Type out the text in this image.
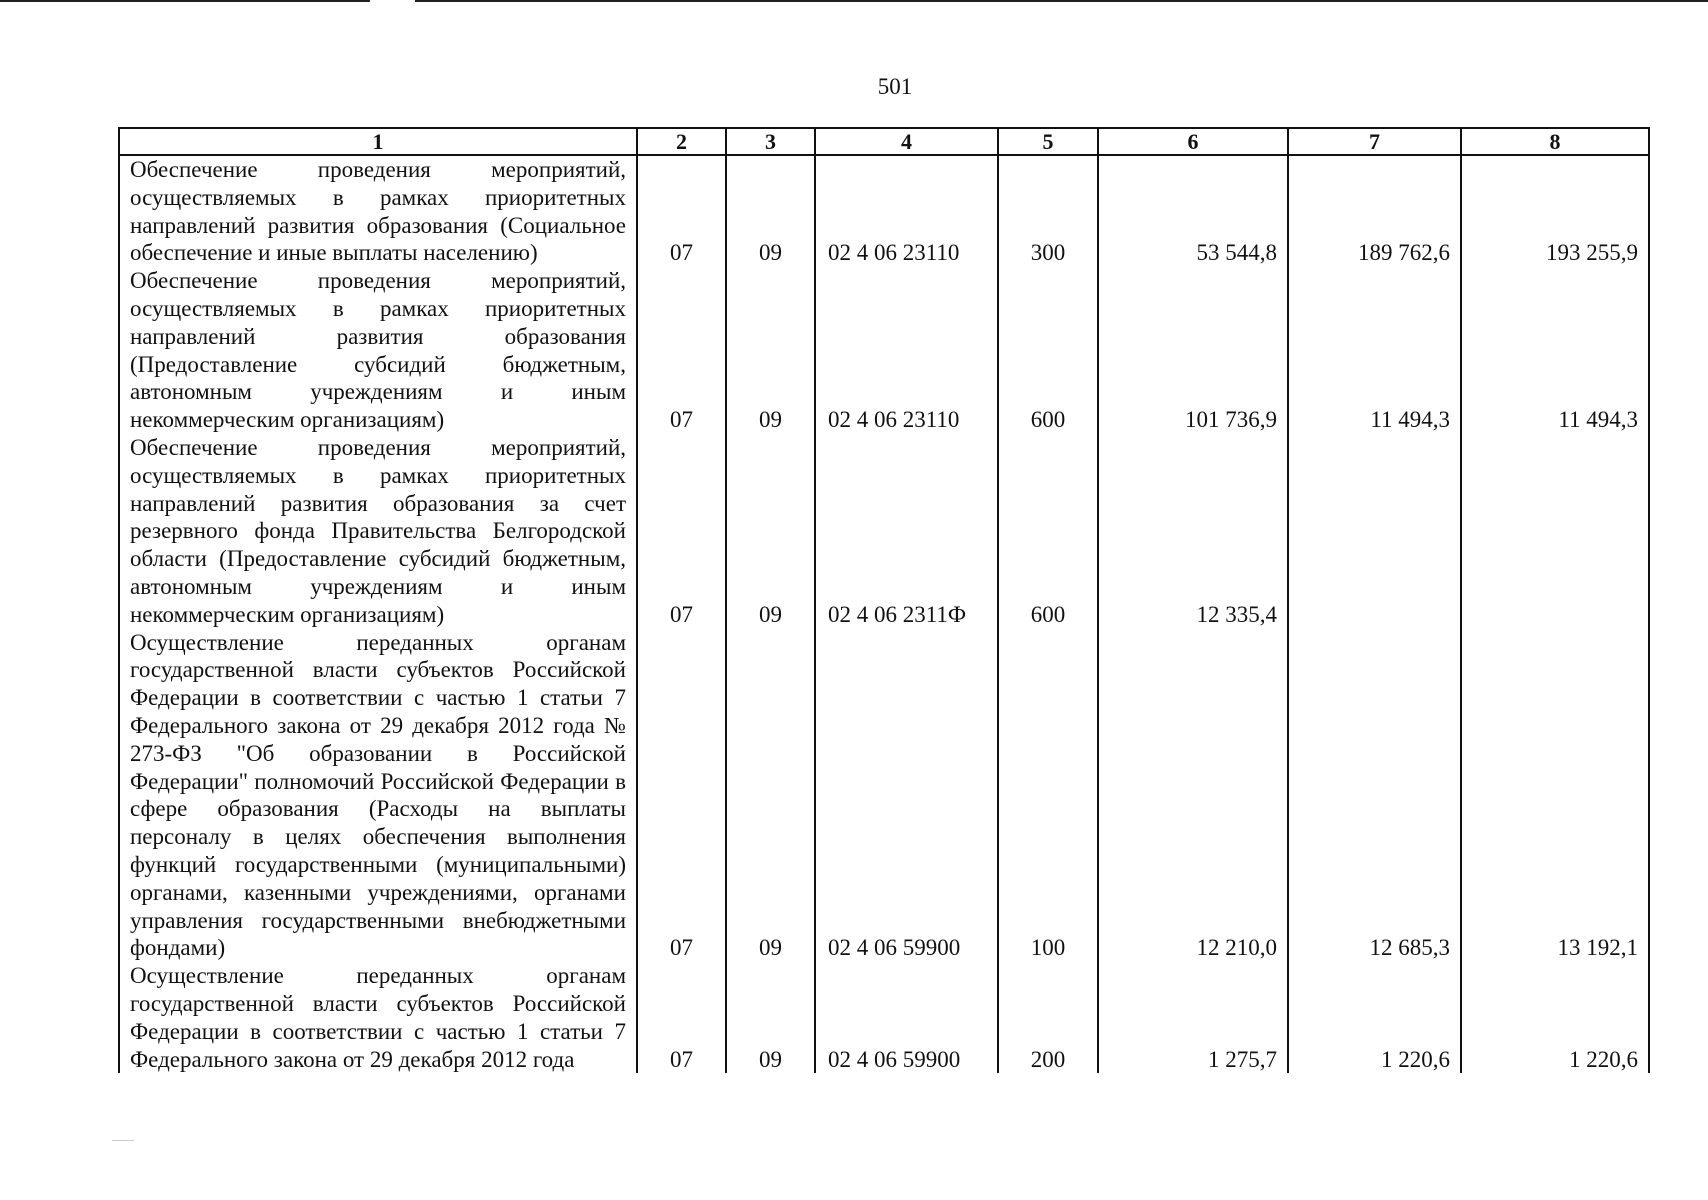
501
1	2	3	4	5	6	7	8
Обеспечение проведения мероприятий, осуществляемых в рамках приоритетных направлений развития образования (Социальное обеспечение и иные выплаты населению)	07	09	02 4 06 23110	300	53 544,8	189 762,6	193 255,9
Обеспечение проведения мероприятий, осуществляемых в рамках приоритетных направлений развития образования (Предоставление субсидий бюджетным, автономным учреждениям и иным некоммерческим организациям)	07	09	02 4 06 23110	600	101 736,9	11 494,3	11 494,3
Обеспечение проведения мероприятий, осуществляемых в рамках приоритетных направлений развития образования за счет резервного фонда Правительства Белгородской области (Предоставление субсидий бюджетным, автономным учреждениям и иным некоммерческим организациям)	07	09	02 4 06 2311Ф	600	12 335,4		
Осуществление переданных органам государственной власти субъектов Российской Федерации в соответствии с частью 1 статьи 7 Федерального закона от 29 декабря 2012 года № 273-ФЗ "Об образовании в Российской Федерации" полномочий Российской Федерации в сфере образования (Расходы на выплаты персоналу в целях обеспечения выполнения функций государственными (муниципальными) органами, казенными учреждениями, органами управления государственными внебюджетными фондами)	07	09	02 4 06 59900	100	12 210,0	12 685,3	13 192,1
Осуществление переданных органам государственной власти субъектов Российской Федерации в соответствии с частью 1 статьи 7 Федерального закона от 29 декабря 2012 года	07	09	02 4 06 59900	200	1 275,7	1 220,6	1 220,6
